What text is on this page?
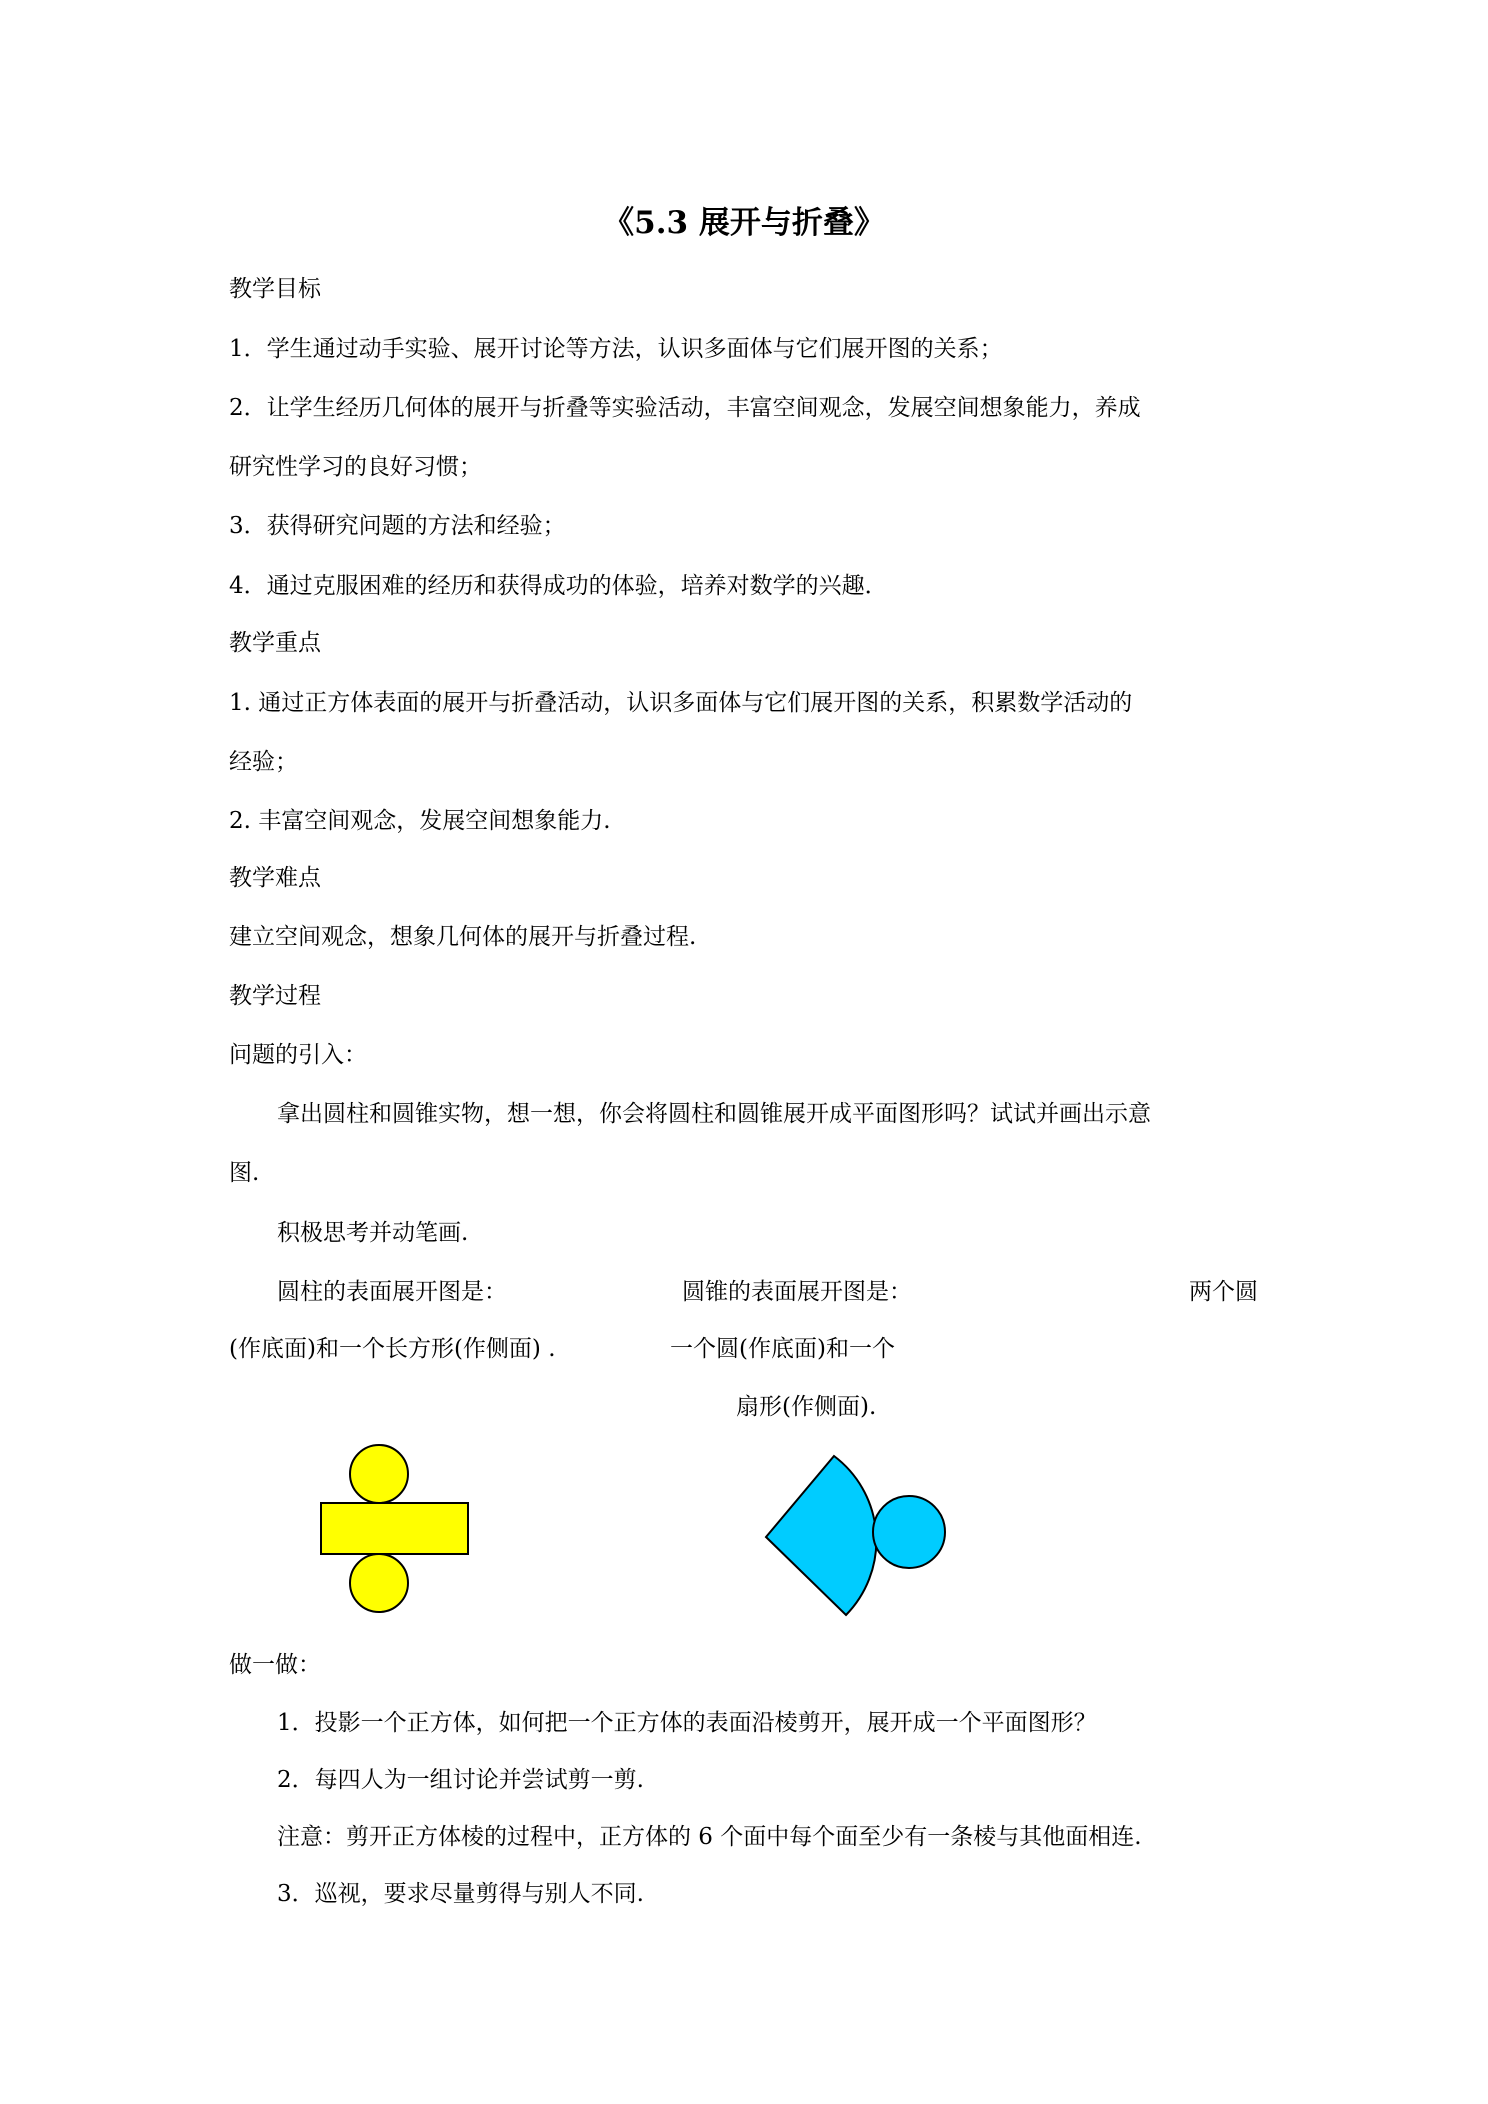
《5.3 展开与折叠》
教学目标
1．学生通过动手实验、展开讨论等方法，认识多面体与它们展开图的关系；
2．让学生经历几何体的展开与折叠等实验活动，丰富空间观念，发展空间想象能力，养成
研究性学习的良好习惯；
3．获得研究问题的方法和经验；
4．通过克服困难的经历和获得成功的体验，培养对数学的兴趣．
教学重点
1. 通过正方体表面的展开与折叠活动，认识多面体与它们展开图的关系，积累数学活动的
经验；
2. 丰富空间观念，发展空间想象能力.
教学难点
建立空间观念，想象几何体的展开与折叠过程.
教学过程
问题的引入：
拿出圆柱和圆锥实物，想一想，你会将圆柱和圆锥展开成平面图形吗？试试并画出示意
图.
积极思考并动笔画.
圆柱的表面展开图是：	圆锥的表面展开图是：	两个圆
(作底面)和一个长方形(作侧面) .	一个圆(作底面)和一个
扇形(作侧面).
做一做：
1．投影一个正方体，如何把一个正方体的表面沿棱剪开，展开成一个平面图形？
2．每四人为一组讨论并尝试剪一剪.
注意：剪开正方体棱的过程中，正方体的 6 个面中每个面至少有一条棱与其他面相连.
3．巡视，要求尽量剪得与别人不同.
